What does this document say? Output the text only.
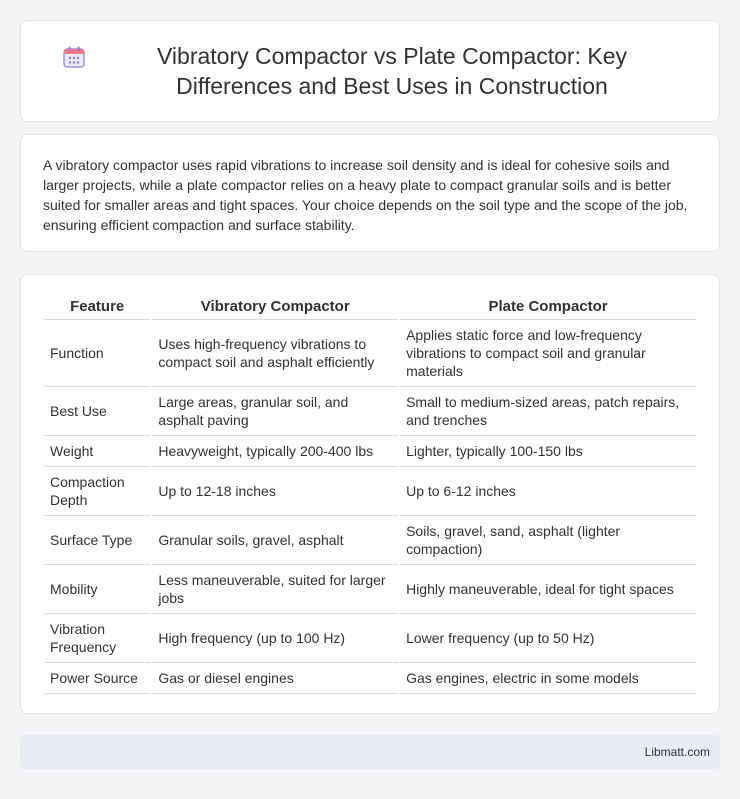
Vibratory Compactor vs Plate Compactor: Key Differences and Best Uses in Construction

A vibratory compactor uses rapid vibrations to increase soil density and is ideal for cohesive soils and larger projects, while a plate compactor relies on a heavy plate to compact granular soils and is better suited for smaller areas and tight spaces. Your choice depends on the soil type and the scope of the job, ensuring efficient compaction and surface stability.

Feature	Vibratory Compactor	Plate Compactor
Function	Uses high-frequency vibrations to compact soil and asphalt efficiently	Applies static force and low-frequency vibrations to compact soil and granular materials
Best Use	Large areas, granular soil, and asphalt paving	Small to medium-sized areas, patch repairs, and trenches
Weight	Heavyweight, typically 200-400 lbs	Lighter, typically 100-150 lbs
Compaction Depth	Up to 12-18 inches	Up to 6-12 inches
Surface Type	Granular soils, gravel, asphalt	Soils, gravel, sand, asphalt (lighter compaction)
Mobility	Less maneuverable, suited for larger jobs	Highly maneuverable, ideal for tight spaces
Vibration Frequency	High frequency (up to 100 Hz)	Lower frequency (up to 50 Hz)
Power Source	Gas or diesel engines	Gas engines, electric in some models
Libmatt.com
